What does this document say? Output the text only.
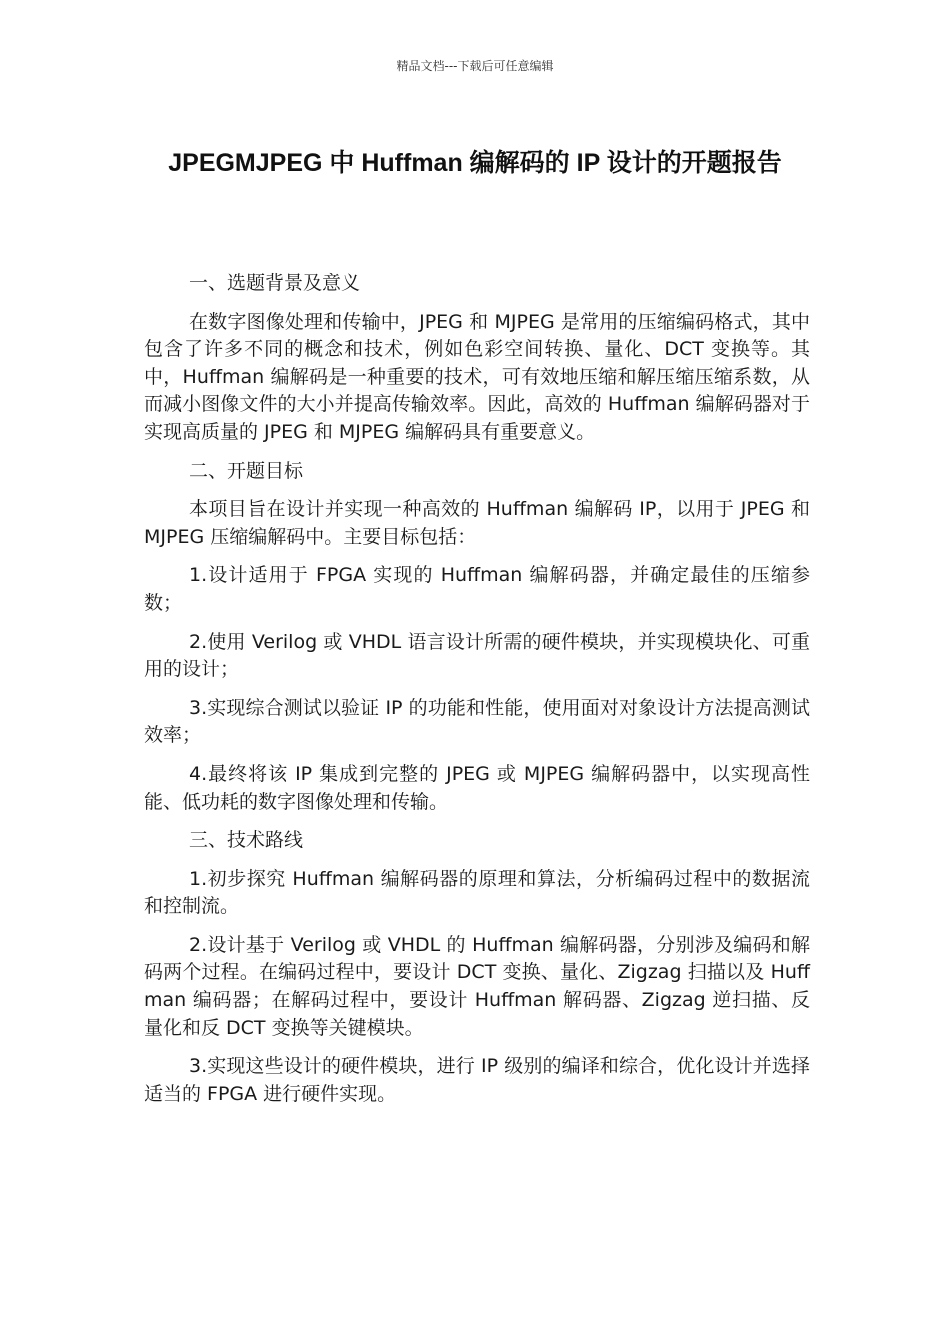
精品文档---下载后可任意编辑
JPEGMJPEG 中 Huffman 编解码的 IP 设计的开题报告

一、选题背景及意义

在数字图像处理和传输中，JPEG 和 MJPEG 是常用的压缩编码格式，其中包含了许多不同的概念和技术，例如色彩空间转换、量化、DCT 变换等。其中，Huffman 编解码是一种重要的技术，可有效地压缩和解压缩压缩系数，从而减小图像文件的大小并提高传输效率。因此，高效的 Huffman 编解码器对于实现高质量的 JPEG 和 MJPEG 编解码具有重要意义。

二、开题目标

本项目旨在设计并实现一种高效的 Huffman 编解码 IP，以用于 JPEG 和 MJPEG 压缩编解码中。主要目标包括：

1.设计适用于 FPGA 实现的 Huffman 编解码器，并确定最佳的压缩参数；

2.使用 Verilog 或 VHDL 语言设计所需的硬件模块，并实现模块化、可重用的设计；

3.实现综合测试以验证 IP 的功能和性能，使用面对对象设计方法提高测试效率；

4.最终将该 IP 集成到完整的 JPEG 或 MJPEG 编解码器中，以实现高性能、低功耗的数字图像处理和传输。

三、技术路线

1.初步探究 Huffman 编解码器的原理和算法，分析编码过程中的数据流和控制流。

2.设计基于 Verilog 或 VHDL 的 Huffman 编解码器，分别涉及编码和解码两个过程。在编码过程中，要设计 DCT 变换、量化、Zigzag 扫描以及 Huffman 编码器；在解码过程中，要设计 Huffman 解码器、Zigzag 逆扫描、反量化和反 DCT 变换等关键模块。

3.实现这些设计的硬件模块，进行 IP 级别的编译和综合，优化设计并选择适当的 FPGA 进行硬件实现。
